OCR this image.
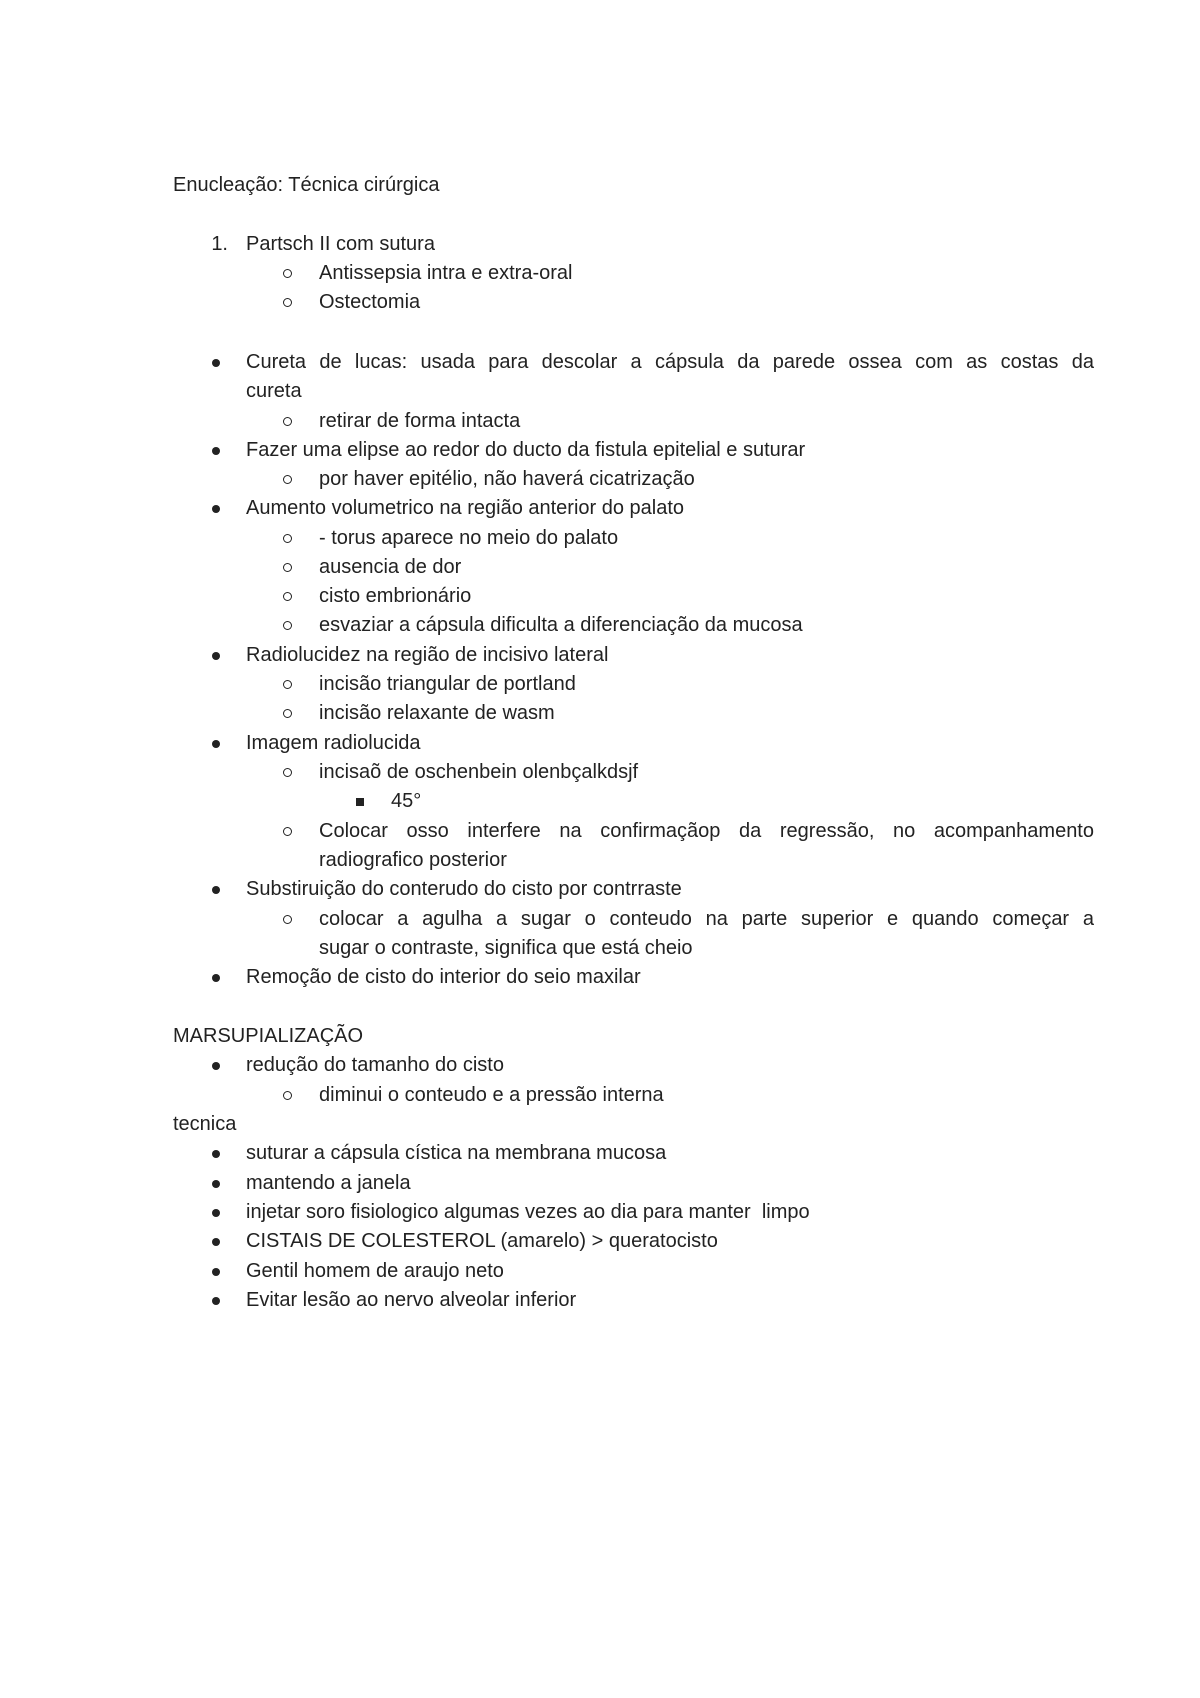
Enucleação: Técnica cirúrgica
1. Partsch II com sutura
Antissepsia intra e extra-oral
Ostectomia
Cureta de lucas: usada para descolar a cápsula da parede ossea com as costas da
cureta
retirar de forma intacta
Fazer uma elipse ao redor do ducto da fistula epitelial e suturar
por haver epitélio, não haverá cicatrização
Aumento volumetrico na região anterior do palato
- torus aparece no meio do palato
ausencia de dor
cisto embrionário
esvaziar a cápsula dificulta a diferenciação da mucosa
Radiolucidez na região de incisivo lateral
incisão triangular de portland
incisão relaxante de wasm
Imagem radiolucida
incisaõ de oschenbein olenbçalkdsjf
45°
Colocar osso interfere na confirmaçãop da regressão, no acompanhamento
radiografico posterior
Substiruição do conterudo do cisto por contrraste
colocar a agulha a sugar o conteudo na parte superior e quando começar a
sugar o contraste, significa que está cheio
Remoção de cisto do interior do seio maxilar
MARSUPIALIZAÇÃO
redução do tamanho do cisto
diminui o conteudo e a pressão interna
tecnica
suturar a cápsula cística na membrana mucosa
mantendo a janela
injetar soro fisiologico algumas vezes ao dia para manter  limpo
CISTAIS DE COLESTEROL (amarelo) > queratocisto
Gentil homem de araujo neto
Evitar lesão ao nervo alveolar inferior
